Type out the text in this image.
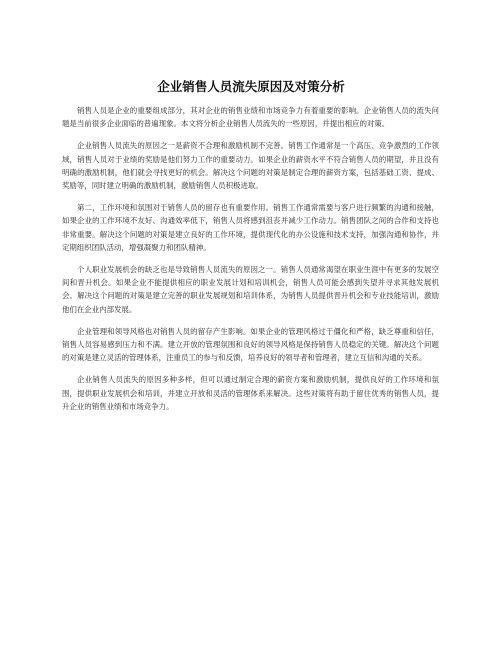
企业销售人员流失原因及对策分析

销售人员是企业的重要组成部分，其对企业的销售业绩和市场竞争力有着重要的影响。企业销售人员的流失问题是当前很多企业面临的普遍现象。本文将分析企业销售人员流失的一些原因，并提出相应的对策。

企业销售人员流失的原因之一是薪资不合理和激励机制不完善。销售工作通常是一个高压、竞争激烈的工作领域，销售人员对于业绩的奖励是他们努力工作的重要动力。如果企业的薪资水平不符合销售人员的期望，并且没有明确的激励机制，他们就会寻找更好的机会。解决这个问题的对策是制定合理的薪资方案，包括基础工资、提成、奖励等，同时建立明确的激励机制，激励销售人员积极进取。

第二，工作环境和氛围对于销售人员的留存也有重要作用。销售工作通常需要与客户进行频繁的沟通和接触，如果企业的工作环境不友好、沟通效率低下，销售人员将感到沮丧并减少工作动力。销售团队之间的合作和支持也非常重要。解决这个问题的对策是建立良好的工作环境，提供现代化的办公设施和技术支持，加强沟通和协作，并定期组织团队活动，增强凝聚力和团队精神。

个人职业发展机会的缺乏也是导致销售人员流失的原因之一。销售人员通常渴望在职业生涯中有更多的发展空间和晋升机会。如果企业不能提供相应的职业发展计划和培训机会，销售人员可能会感到失望并寻求其他发展机会。解决这个问题的对策是建立完善的职业发展规划和培训体系，为销售人员提供晋升机会和专业技能培训，激励他们在企业内部发展。

企业管理和领导风格也对销售人员的留存产生影响。如果企业的管理风格过于僵化和严格，缺乏尊重和信任，销售人员容易感到压力和不满。建立开放的管理氛围和良好的领导风格是保持销售人员稳定的关键。解决这个问题的对策是建立灵活的管理体系，注重员工的参与和反馈，培养良好的领导者和管理者，建立互信和沟通的关系。

企业销售人员流失的原因多种多样，但可以通过制定合理的薪资方案和激励机制，提供良好的工作环境和氛围，提供职业发展机会和培训，并建立开放和灵活的管理体系来解决。这些对策将有助于留住优秀的销售人员，提升企业的销售业绩和市场竞争力。
